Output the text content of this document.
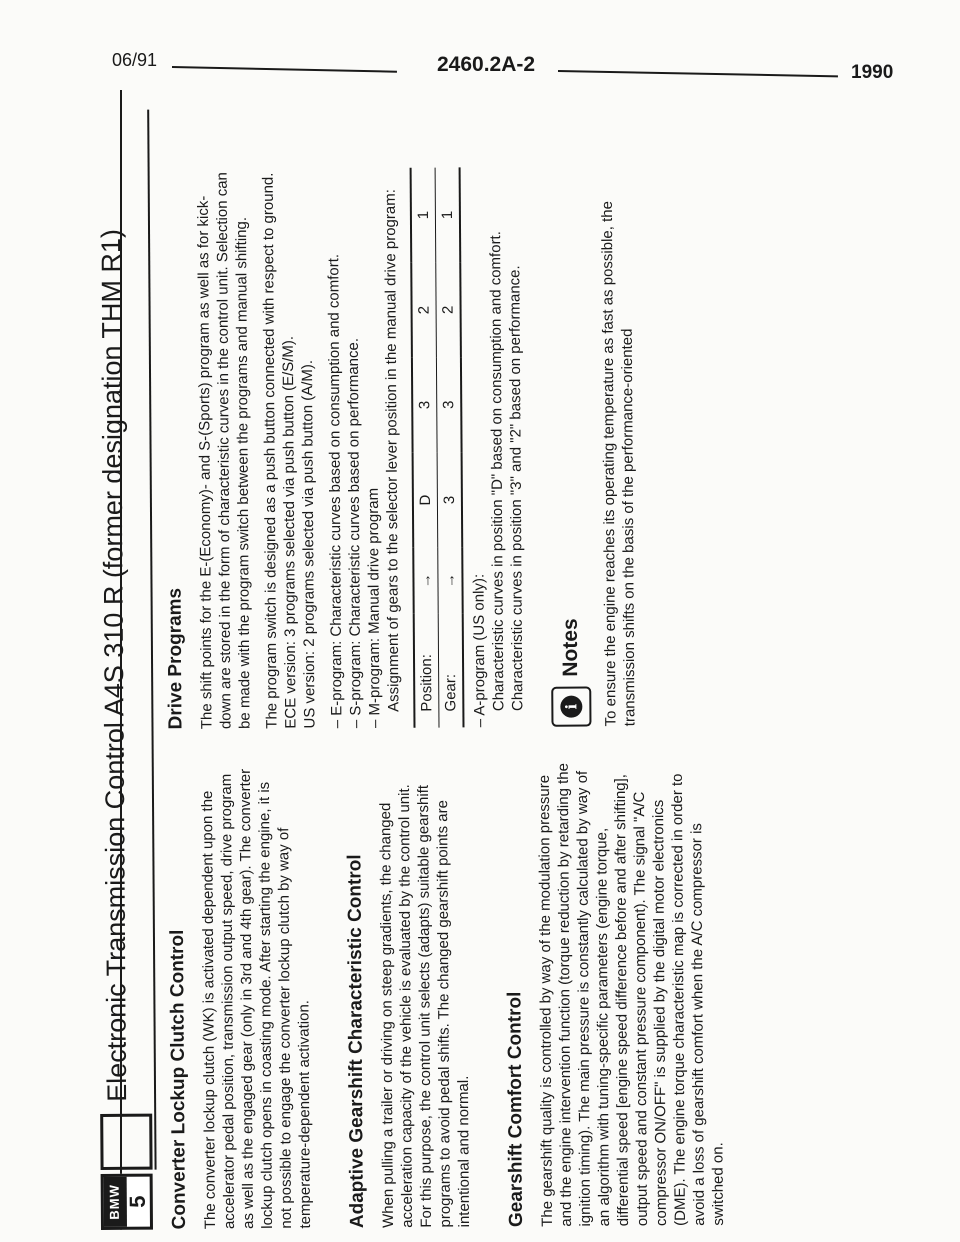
06/91	2460.2A-2	1990
BMW 5
Electronic Transmission Control A4S 310 R (former designation THM R1) Converter Lockup Clutch Control The converter lockup clutch (WK) is activated dependent upon the accelerator pedal position, transmission output speed, drive program as well as the engaged gear (only in 3rd and 4th gear). The converter lockup clutch opens in coasting mode. After starting the engine, it is not possible to engage the converter lockup clutch by way of temperature-dependent activation. Adaptive Gearshift Characteristic Control When pulling a trailer or driving on steep gradients, the changed acceleration capacity of the vehicle is evaluated by the control unit. For this purpose, the control unit selects (adapts) suitable gearshift programs to avoid pedal shifts. The changed gearshift points are intentional and normal. Gearshift Comfort Control The gearshift quality is controlled by way of the modulation pressure and the engine intervention function (torque reduction by retarding the ignition timing). The main pressure is constantly calculated by way of an algorithm with tuning-specific parameters (engine torque, differential speed [engine speed difference before and after shifting], output speed and constant pressure component). The signal "A/C compressor ON/OFF" is supplied by the digital motor electronics (DME). The engine torque characteristic map is corrected in order to avoid a loss of gearshift comfort when the A/C compressor is switched on.

Drive Programs The shift points for the E-(Economy)- and S-(Sports) program as well as for kick-down are stored in the form of characteristic curves in the control unit. Selection can be made with the program switch between the programs and manual shifting. The program switch is designed as a push button connected with respect to ground. ECE version: 3 programs selected via push button (E/S/M). US version: 2 programs selected via push button (A/M). – E-program: Characteristic curves based on consumption and comfort. – S-program: Characteristic curves based on performance. – M-program: Manual drive program
Assignment of gears to the selector lever position in the manual drive program: Position:	→	D	3	2	1
Gear:	→	3	3	2	1
– A-program (US only):
Characteristic curves in position "D" based on consumption and comfort.
Characteristic curves in position "3" and "2" based on performance. i
Notes To ensure the engine reaches its operating temperature as fast as possible, the transmission shifts on the basis of the performance-oriented
